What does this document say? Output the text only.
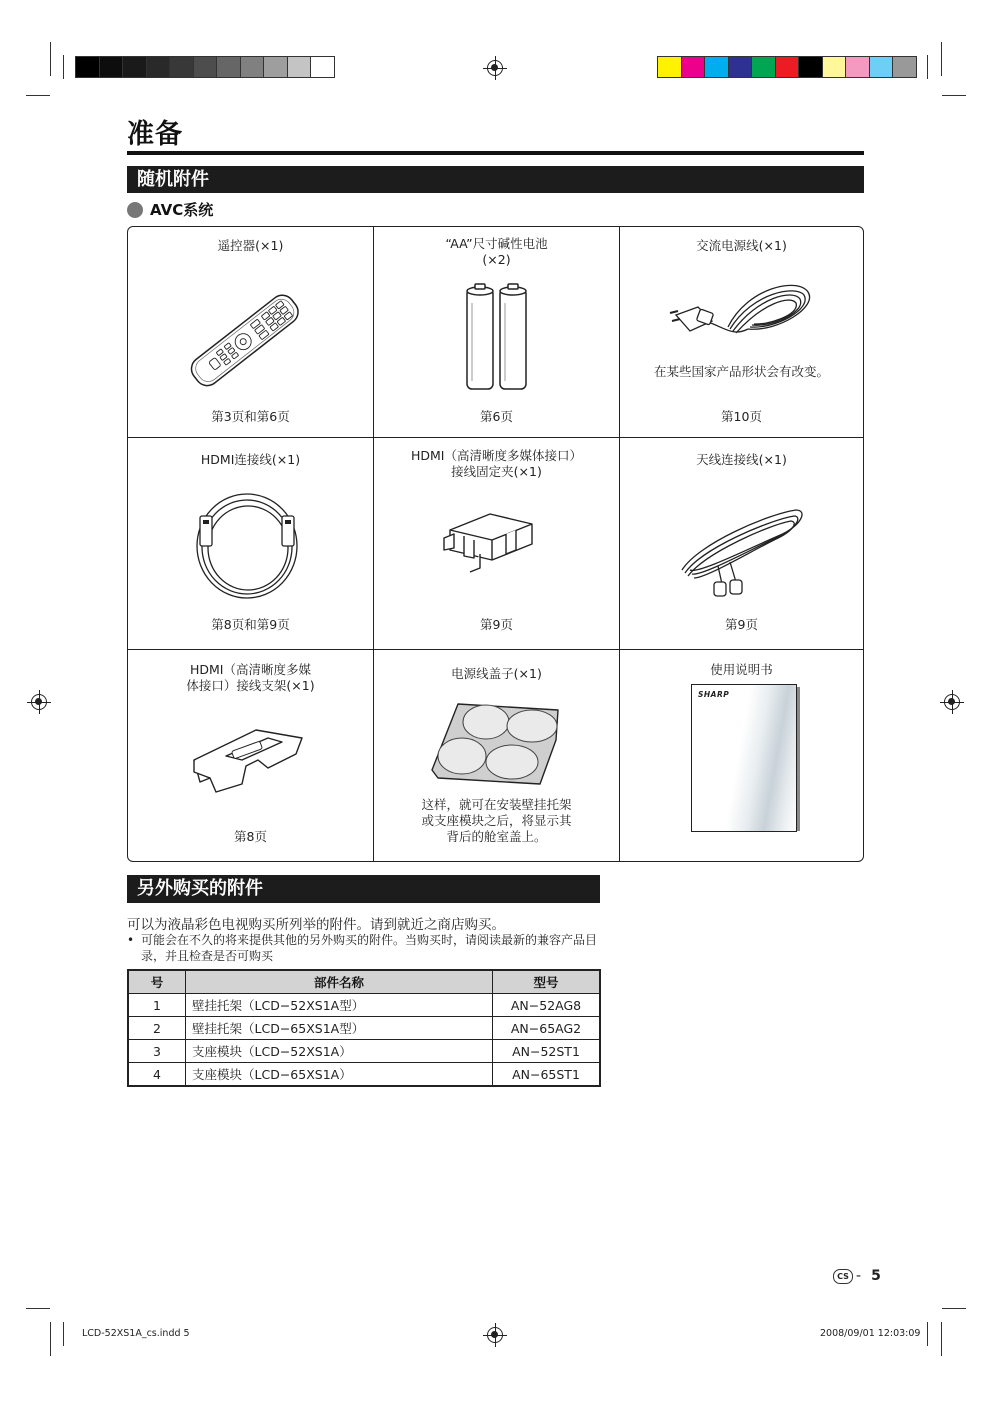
准备
随机附件
AVC系统
遥控器(×1)
第3页和第6页
“AA”尺寸碱性电池
(×2)
第6页
交流电源线(×1)
在某些国家产品形状会有改变。
第10页
HDMI连接线(×1)
第8页和第9页
HDMI（高清晰度多媒体接口）
接线固定夹(×1)
第9页
天线连接线(×1)
第9页
HDMI（高清晰度多媒
体接口）接线支架(×1)
第8页
电源线盖子(×1)
这样，就可在安装壁挂托架
或支座模块之后，将显示其
背后的舱室盖上。
使用说明书
SHARP
另外购买的附件
可以为液晶彩色电视购买所列举的附件。请到就近之商店购买。
• 可能会在不久的将来提供其他的另外购买的附件。当购买时，请阅读最新的兼容产品目录，并且检查是否可购买
号	部件名称	型号
1	壁挂托架（LCD−52XS1A型）	AN−52AG8
2	壁挂托架（LCD−65XS1A型）	AN−65AG2
3	支座模块（LCD−52XS1A）	AN−52ST1
4	支座模块（LCD−65XS1A）	AN−65ST1
CS - 5
LCD-52XS1A_cs.indd 5	2008/09/01 12:03:09
